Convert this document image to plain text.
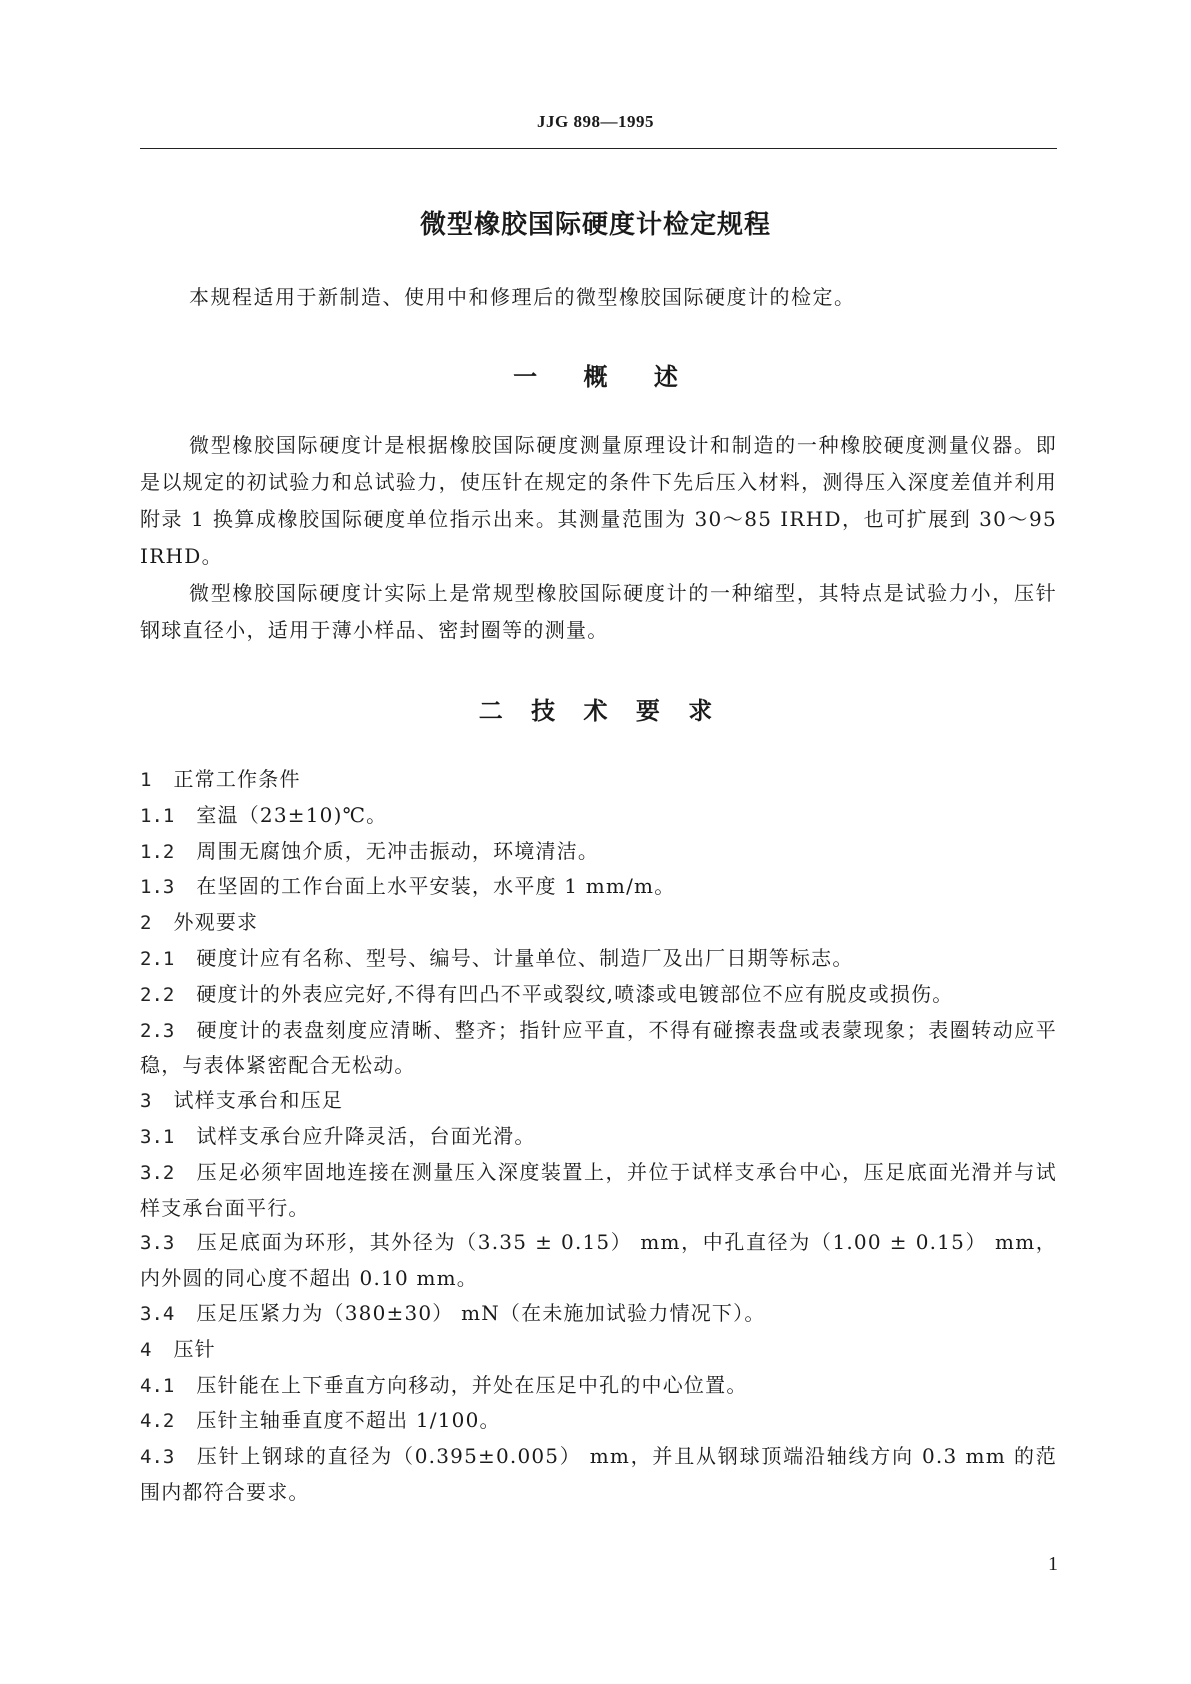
JJG 898—1995
微型橡胶国际硬度计检定规程
本规程适用于新制造、使用中和修理后的微型橡胶国际硬度计的检定。
一 概 述

微型橡胶国际硬度计是根据橡胶国际硬度测量原理设计和制造的一种橡胶硬度测量仪器。即是以规定的初试验力和总试验力，使压针在规定的条件下先后压入材料，测得压入深度差值并利用附录 1 换算成橡胶国际硬度单位指示出来。其测量范围为 30～85 IRHD，也可扩展到 30～95 IRHD。

微型橡胶国际硬度计实际上是常规型橡胶国际硬度计的一种缩型，其特点是试验力小，压针钢球直径小，适用于薄小样品、密封圈等的测量。

二 技 术 要 求
1 正常工作条件
1.1 室温（23±10)℃。
1.2 周围无腐蚀介质，无冲击振动，环境清洁。
1.3 在坚固的工作台面上水平安装，水平度 1 mm/m。
2 外观要求
2.1 硬度计应有名称、型号、编号、计量单位、制造厂及出厂日期等标志。
2.2 硬度计的外表应完好,不得有凹凸不平或裂纹,喷漆或电镀部位不应有脱皮或损伤。
2.3 硬度计的表盘刻度应清晰、整齐；指针应平直，不得有碰擦表盘或表蒙现象；表圈转动应平稳，与表体紧密配合无松动。
3 试样支承台和压足
3.1 试样支承台应升降灵活，台面光滑。
3.2 压足必须牢固地连接在测量压入深度装置上，并位于试样支承台中心，压足底面光滑并与试样支承台面平行。
3.3 压足底面为环形，其外径为（3.35 ± 0.15） mm，中孔直径为（1.00 ± 0.15） mm，内外圆的同心度不超出 0.10 mm。
3.4 压足压紧力为（380±30） mN（在未施加试验力情况下）。
4 压针
4.1 压针能在上下垂直方向移动，并处在压足中孔的中心位置。
4.2 压针主轴垂直度不超出 1/100。
4.3 压针上钢球的直径为（0.395±0.005） mm，并且从钢球顶端沿轴线方向 0.3 mm 的范围内都符合要求。
1
